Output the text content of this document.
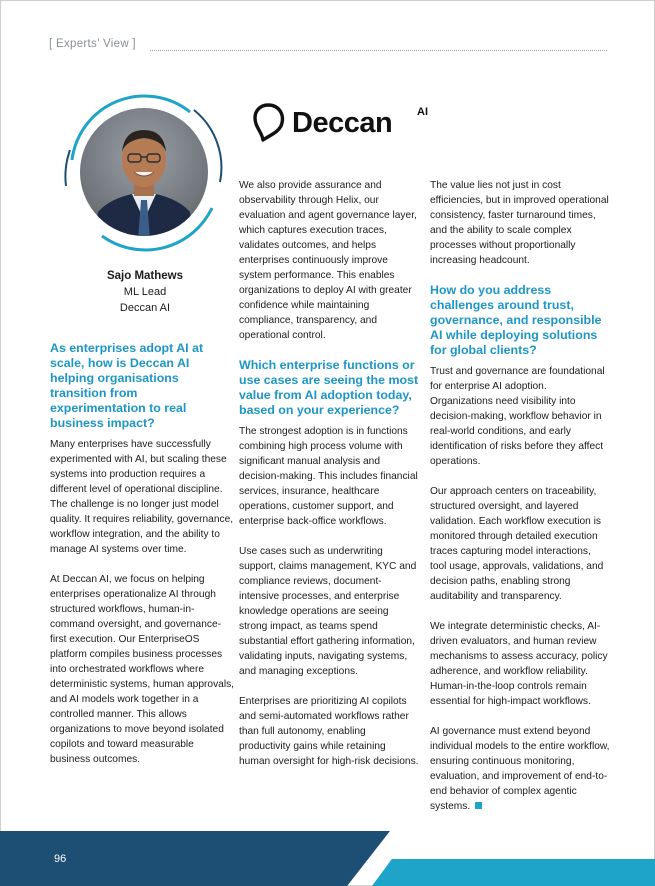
[ Experts’ View ]
Sajo Mathews
ML Lead
Deccan AI
Deccan AI
As enterprises adopt AI at scale, how is Deccan AI helping organisations transition from experimentation to real business impact?

Many enterprises have successfully experimented with AI, but scaling these systems into production requires a different level of operational discipline. The challenge is no longer just model quality. It requires reliability, governance, workflow integration, and the ability to manage AI systems over time.

At Deccan AI, we focus on helping enterprises operationalize AI through structured workflows, human-in-command oversight, and governance-first execution. Our EnterpriseOS platform compiles business processes into orchestrated workflows where deterministic systems, human approvals, and AI models work together in a controlled manner. This allows organizations to move beyond isolated copilots and toward measurable business outcomes.

We also provide assurance and observability through Helix, our evaluation and agent governance layer, which captures execution traces, validates outcomes, and helps enterprises continuously improve system performance. This enables organizations to deploy AI with greater confidence while maintaining compliance, transparency, and operational control.

Which enterprise functions or use cases are seeing the most value from AI adoption today, based on your experience?

The strongest adoption is in functions combining high process volume with significant manual analysis and decision-making. This includes financial services, insurance, healthcare operations, customer support, and enterprise back-office workflows.

Use cases such as underwriting support, claims management, KYC and compliance reviews, document-intensive processes, and enterprise knowledge operations are seeing strong impact, as teams spend substantial effort gathering information, validating inputs, navigating systems, and managing exceptions.

Enterprises are prioritizing AI copilots and semi-automated workflows rather than full autonomy, enabling productivity gains while retaining human oversight for high-risk decisions.

The value lies not just in cost efficiencies, but in improved operational consistency, faster turnaround times, and the ability to scale complex processes without proportionally increasing headcount.

How do you address challenges around trust, governance, and responsible AI while deploying solutions for global clients?

Trust and governance are foundational for enterprise AI adoption. Organizations need visibility into decision-making, workflow behavior in real-world conditions, and early identification of risks before they affect operations.

Our approach centers on traceability, structured oversight, and layered validation. Each workflow execution is monitored through detailed execution traces capturing model interactions, tool usage, approvals, validations, and decision paths, enabling strong auditability and transparency.

We integrate deterministic checks, AI-driven evaluators, and human review mechanisms to assess accuracy, policy adherence, and workflow reliability. Human-in-the-loop controls remain essential for high-impact workflows.

AI governance must extend beyond individual models to the entire workflow, ensuring continuous monitoring, evaluation, and improvement of end-to-end behavior of complex agentic systems.

96
